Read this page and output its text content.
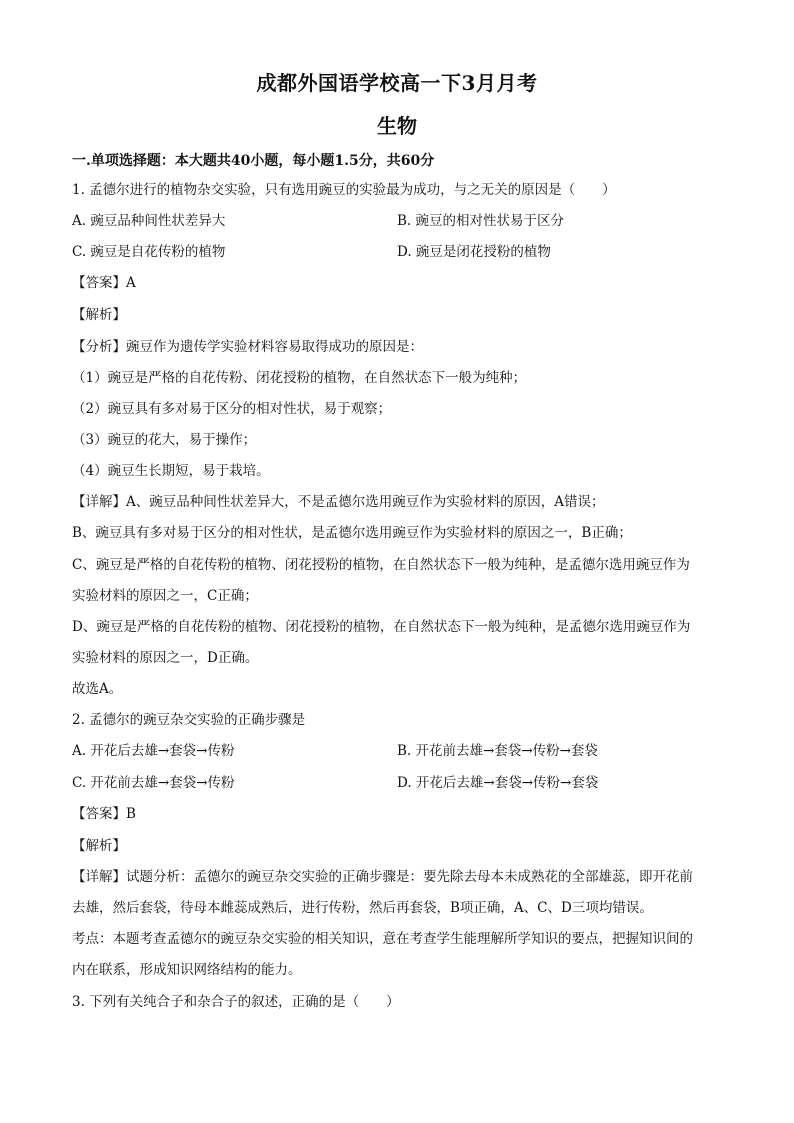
成都外国语学校高一下3月月考
生物
一.单项选择题：本大题共40小题，每小题1.5分，共60分
1. 孟德尔进行的植物杂交实验，只有选用豌豆的实验最为成功，与之无关的原因是（　　）
A. 豌豆品种间性状差异大	B. 豌豆的相对性状易于区分
C. 豌豆是自花传粉的植物	D. 豌豆是闭花授粉的植物
【答案】A
【解析】
【分析】豌豆作为遗传学实验材料容易取得成功的原因是：
（1）豌豆是严格的自花传粉、闭花授粉的植物，在自然状态下一般为纯种；
（2）豌豆具有多对易于区分的相对性状，易于观察；
（3）豌豆的花大，易于操作；
（4）豌豆生长期短，易于栽培。
【详解】A、豌豆品种间性状差异大，不是孟德尔选用豌豆作为实验材料的原因，A错误；
B、豌豆具有多对易于区分的相对性状，是孟德尔选用豌豆作为实验材料的原因之一，B正确；
C、豌豆是严格的自花传粉的植物、闭花授粉的植物，在自然状态下一般为纯种，是孟德尔选用豌豆作为
实验材料的原因之一，C正确；
D、豌豆是严格的自花传粉的植物、闭花授粉的植物，在自然状态下一般为纯种，是孟德尔选用豌豆作为
实验材料的原因之一，D正确。
故选A。
2. 孟德尔的豌豆杂交实验的正确步骤是
A. 开花后去雄→套袋→传粉	B. 开花前去雄→套袋→传粉→套袋
C. 开花前去雄→套袋→传粉	D. 开花后去雄→套袋→传粉→套袋
【答案】B
【解析】
【详解】试题分析：孟德尔的豌豆杂交实验的正确步骤是：要先除去母本未成熟花的全部雄蕊，即开花前
去雄，然后套袋，待母本雌蕊成熟后，进行传粉，然后再套袋，B项正确，A、C、D三项均错误。
考点：本题考查孟德尔的豌豆杂交实验的相关知识，意在考查学生能理解所学知识的要点，把握知识间的
内在联系，形成知识网络结构的能力。
3. 下列有关纯合子和杂合子的叙述，正确的是（　　）
